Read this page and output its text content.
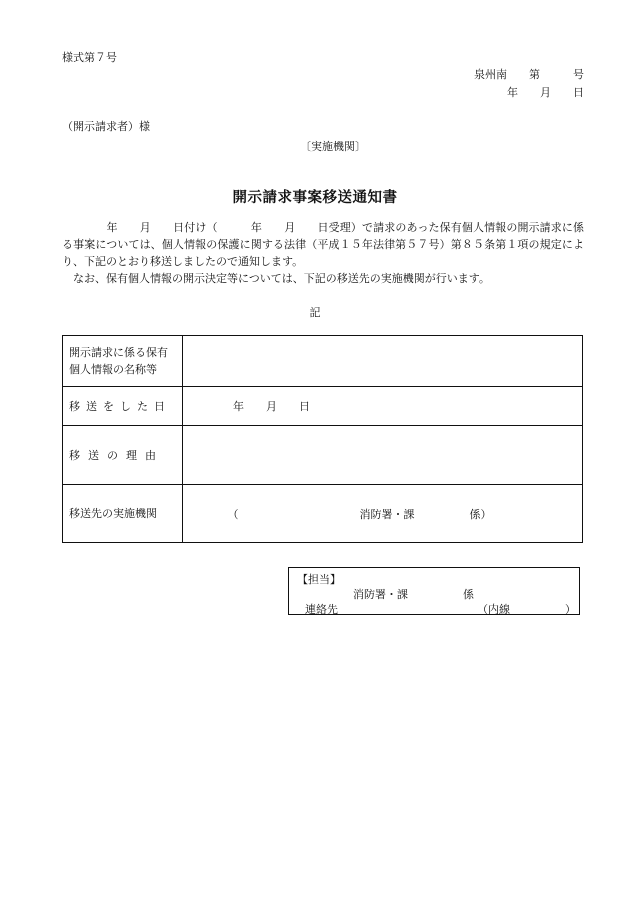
様式第７号
泉州南　　第　　　号
年　　月　　日
（開示請求者）様
〔実施機関〕
開示請求事案移送通知書

　　　　年　　月　　日付け（　　　年　　月　　日受理）で請求のあった保有個人情報の開示請求に係る事案については、個人情報の保護に関する法律（平成１５年法律第５７号）第８５条第１項の規定により、下記のとおり移送しましたので通知します。

　なお、保有個人情報の開示決定等については、下記の移送先の実施機関が行います。

記
開示請求に係る保有個人情報の名称等	
移送をした日	　　　　年　　月　　日
移送の理由	
移送先の実施機関	　　　　（　　　　　　　　　　　消防署・課　　　　　係）
【担当】
消防署・課　　　　　係
連絡先	（内線　　　　　）
